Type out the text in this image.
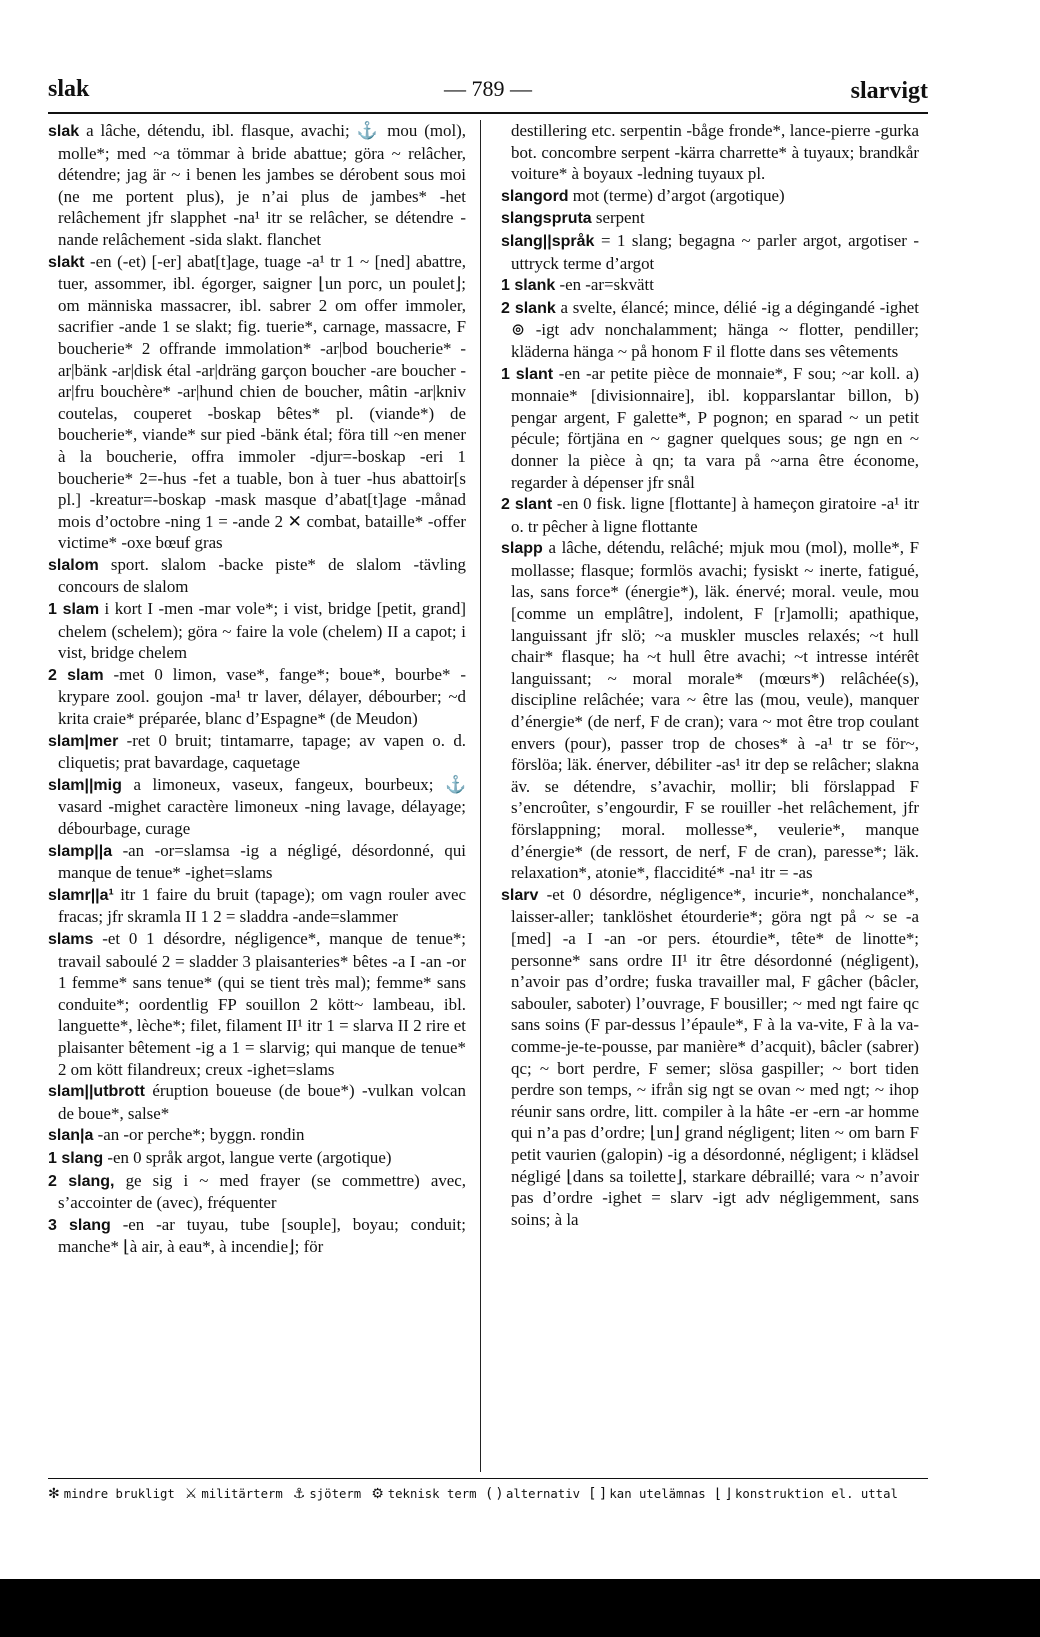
slak	— 789 —	slarvigt

slak a lâche, détendu, ibl. flasque, avachi; ⚓ mou (mol), molle*; med ~a tömmar à bride abattue; göra ~ relâcher, détendre; jag är ~ i benen les jambes se dérobent sous moi (ne me portent plus), je n’ai plus de jambes* -het relâchement jfr slapphet -na¹ itr se relâcher, se détendre -nande relâchement -sida slakt. flanchet

slakt -en (-et) [-er] abat[t]age, tuage -a¹ tr 1 ~ [ned] abattre, tuer, assommer, ibl. égorger, saigner ⌊un porc, un poulet⌋; om människa massacrer, ibl. sabrer 2 om offer immoler, sacrifier -ande 1 se slakt; fig. tuerie*, carnage, massacre, F boucherie* 2 offrande immolation* -ar|bod boucherie* -ar|bänk -ar|disk étal -ar|dräng garçon boucher -are boucher -ar|fru bouchère* -ar|hund chien de boucher, mâtin -ar|kniv coutelas, couperet -boskap bêtes* pl. (viande*) de boucherie*, viande* sur pied -bänk étal; föra till ~en mener à la boucherie, offra immoler -djur=-boskap -eri 1 boucherie* 2=-hus -fet a tuable, bon à tuer -hus abattoir[s pl.] -kreatur=-boskap -mask masque d’abat[t]age -månad mois d’octobre -ning 1 = -ande 2 ✕ combat, bataille* -offer victime* -oxe bœuf gras

slalom sport. slalom -backe piste* de slalom -tävling concours de slalom

1 slam i kort I -men -mar vole*; i vist, bridge [petit, grand] chelem (schelem); göra ~ faire la vole (chelem) II a capot; i vist, bridge chelem

2 slam -met 0 limon, vase*, fange*; boue*, bourbe* -krypare zool. goujon -ma¹ tr laver, délayer, débourber; ~d krita craie* préparée, blanc d’Espagne* (de Meudon)

slam|mer -ret 0 bruit; tintamarre, tapage; av vapen o. d. cliquetis; prat bavardage, caquetage

slam||mig a limoneux, vaseux, fangeux, bourbeux; ⚓ vasard -mighet caractère limoneux -ning lavage, délayage; débourbage, curage

slamp||a -an -or=slamsa -ig a négligé, désordonné, qui manque de tenue* -ighet=slams

slamr||a¹ itr 1 faire du bruit (tapage); om vagn rouler avec fracas; jfr skramla II 1 2 = sladdra -ande=slammer

slams -et 0 1 désordre, négligence*, manque de tenue*; travail saboulé 2 = sladder 3 plaisanteries* bêtes -a I -an -or 1 femme* sans tenue* (qui se tient très mal); femme* sans conduite*; oordentlig FP souillon 2 kött~ lambeau, ibl. languette*, lèche*; filet, filament II¹ itr 1 = slarva II 2 rire et plaisanter bêtement -ig a 1 = slarvig; qui manque de tenue* 2 om kött filandreux; creux -ighet=slams

slam||utbrott éruption boueuse (de boue*) -vulkan volcan de boue*, salse*

slan|a -an -or perche*; byggn. rondin

1 slang -en 0 språk argot, langue verte (argotique)

2 slang, ge sig i ~ med frayer (se commettre) avec, s’accointer de (avec), fréquenter

3 slang -en -ar tuyau, tube [souple], boyau; conduit; manche* ⌊à air, à eau*, à incendie⌋; för

destillering etc. serpentin -båge fronde*, lance-pierre -gurka bot. concombre serpent -kärra charrette* à tuyaux; brandkår voiture* à boyaux -ledning tuyaux pl.

slangord mot (terme) d’argot (argotique)

slangspruta serpent

slang||språk = 1 slang; begagna ~ parler argot, argotiser -uttryck terme d’argot

1 slank -en -ar=skvätt

2 slank a svelte, élancé; mince, délié -ig a dégingandé -ighet ⊚ -igt adv nonchalamment; hänga ~ flotter, pendiller; kläderna hänga ~ på honom F il flotte dans ses vêtements

1 slant -en -ar petite pièce de monnaie*, F sou; ~ar koll. a) monnaie* [divisionnaire], ibl. kopparslantar billon, b) pengar argent, F galette*, P pognon; en sparad ~ un petit pécule; förtjäna en ~ gagner quelques sous; ge ngn en ~ donner la pièce à qn; ta vara på ~arna être économe, regarder à dépenser jfr snål

2 slant -en 0 fisk. ligne [flottante] à hameçon giratoire -a¹ itr o. tr pêcher à ligne flottante

slapp a lâche, détendu, relâché; mjuk mou (mol), molle*, F mollasse; flasque; formlös avachi; fysiskt ~ inerte, fatigué, las, sans force* (énergie*), läk. énervé; moral. veule, mou [comme un emplâtre], indolent, F [r]amolli; apathique, languissant jfr slö; ~a muskler muscles relaxés; ~t hull chair* flasque; ha ~t hull être avachi; ~t intresse intérêt languissant; ~ moral morale* (mœurs*) relâchée(s), discipline relâchée; vara ~ être las (mou, veule), manquer d’énergie* (de nerf, F de cran); vara ~ mot être trop coulant envers (pour), passer trop de choses* à -a¹ tr se för~, förslöa; läk. énerver, débiliter -as¹ itr dep se relâcher; slakna äv. se détendre, s’avachir, mollir; bli förslappad F s’encroûter, s’engourdir, F se rouiller -het relâchement, jfr förslappning; moral. mollesse*, veulerie*, manque d’énergie* (de ressort, de nerf, F de cran), paresse*; läk. relaxation*, atonie*, flaccidité* -na¹ itr = -as

slarv -et 0 désordre, négligence*, incurie*, nonchalance*, laisser-aller; tanklöshet étourderie*; göra ngt på ~ se -a [med] -a I -an -or pers. étourdie*, tête* de linotte*; personne* sans ordre II¹ itr être désordonné (négligent), n’avoir pas d’ordre; fuska travailler mal, F gâcher (bâcler, sabouler, saboter) l’ouvrage, F bousiller; ~ med ngt faire qc sans soins (F par-dessus l’épaule*, F à la va-vite, F à la va-comme-je-te-pousse, par manière* d’acquit), bâcler (sabrer) qc; ~ bort perdre, F semer; slösa gaspiller; ~ bort tiden perdre son temps, ~ ifrån sig ngt se ovan ~ med ngt; ~ ihop réunir sans ordre, litt. compiler à la hâte -er -ern -ar homme qui n’a pas d’ordre; ⌊un⌋ grand négligent; liten ~ om barn F petit vaurien (galopin) -ig a désordonné, négligent; i klädsel négligé ⌊dans sa toilette⌋, starkare débraillé; vara ~ n’avoir pas d’ordre -ighet = slarv -igt adv négligemment, sans soins; à la

✻ mindre brukligt ⚔ militärterm ⚓ sjöterm ⚙ teknisk term ( ) alternativ [ ] kan utelämnas ⌊ ⌋ konstruktion el. uttal
